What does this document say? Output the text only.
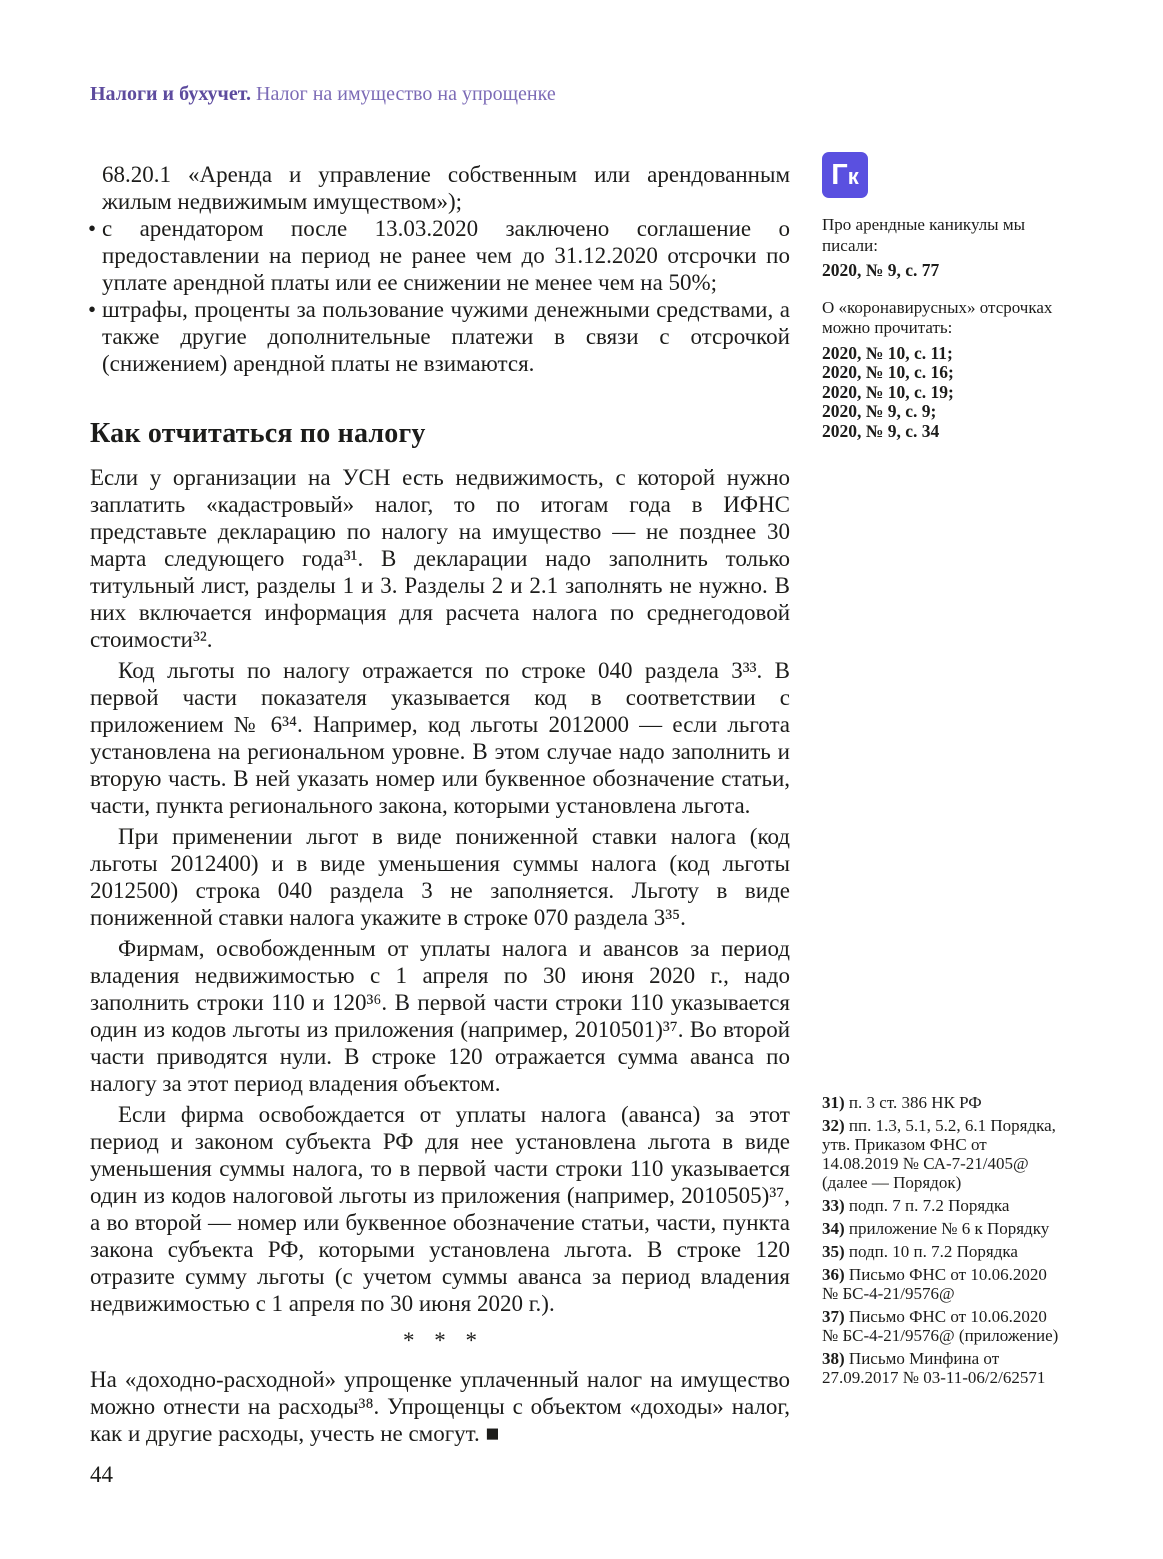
Налоги и бухучет. Налог на имущество на упрощенке
68.20.1 «Аренда и управление собственным или арендованным жилым недвижимым имуществом»);
• с арендатором после 13.03.2020 заключено соглашение о предоставлении на период не ранее чем до 31.12.2020 отсрочки по уплате арендной платы или ее снижении не менее чем на 50%;
• штрафы, проценты за пользование чужими денежными средствами, а также другие дополнительные платежи в связи с отсрочкой (снижением) арендной платы не взимаются.
Как отчитаться по налогу

Если у организации на УСН есть недвижимость, с которой нужно заплатить «кадастровый» налог, то по итогам года в ИФНС представьте декларацию по налогу на имущество — не позднее 30 марта следующего года³¹. В декларации надо заполнить только титульный лист, разделы 1 и 3. Разделы 2 и 2.1 заполнять не нужно. В них включается информация для расчета налога по среднегодовой стоимости³².

Код льготы по налогу отражается по строке 040 раздела 3³³. В первой части показателя указывается код в соответствии с приложением № 6³⁴. Например, код льготы 2012000 — если льгота установлена на региональном уровне. В этом случае надо заполнить и вторую часть. В ней указать номер или буквенное обозначение статьи, части, пункта регионального закона, которыми установлена льгота.

При применении льгот в виде пониженной ставки налога (код льготы 2012400) и в виде уменьшения суммы налога (код льготы 2012500) строка 040 раздела 3 не заполняется. Льготу в виде пониженной ставки налога укажите в строке 070 раздела 3³⁵.

Фирмам, освобожденным от уплаты налога и авансов за период владения недвижимостью с 1 апреля по 30 июня 2020 г., надо заполнить строки 110 и 120³⁶. В первой части строки 110 указывается один из кодов льготы из приложения (например, 2010501)³⁷. Во второй части приводятся нули. В строке 120 отражается сумма аванса по налогу за этот период владения объектом.

Если фирма освобождается от уплаты налога (аванса) за этот период и законом субъекта РФ для нее установлена льгота в виде уменьшения суммы налога, то в первой части строки 110 указывается один из кодов налоговой льготы из приложения (например, 2010505)³⁷, а во второй — номер или буквенное обозначение статьи, части, пункта закона субъекта РФ, которыми установлена льгота. В строке 120 отразите сумму льготы (с учетом суммы аванса за период владения недвижимостью с 1 апреля по 30 июня 2020 г.).

* * *

На «доходно-расходной» упрощенке уплаченный налог на имущество можно отнести на расходы³⁸. Упрощенцы с объектом «доходы» налог, как и другие расходы, учесть не смогут. ■

Г к

Про арендные каникулы мы писали:

2020, № 9, с. 77

О «коронавирусных» отсрочках можно прочитать:

2020, № 10, с. 11;

2020, № 10, с. 16;

2020, № 10, с. 19;

2020, № 9, с. 9;

2020, № 9, с. 34

31) п. 3 ст. 386 НК РФ

32) пп. 1.3, 5.1, 5.2, 6.1 Порядка, утв. Приказом ФНС от 14.08.2019 № СА-7-21/405@ (далее — Порядок)

33) подп. 7 п. 7.2 Порядка

34) приложение № 6 к Порядку

35) подп. 10 п. 7.2 Порядка

36) Письмо ФНС от 10.06.2020 № БС-4-21/9576@

37) Письмо ФНС от 10.06.2020 № БС-4-21/9576@ (приложение)

38) Письмо Минфина от 27.09.2017 № 03-11-06/2/62571

44
